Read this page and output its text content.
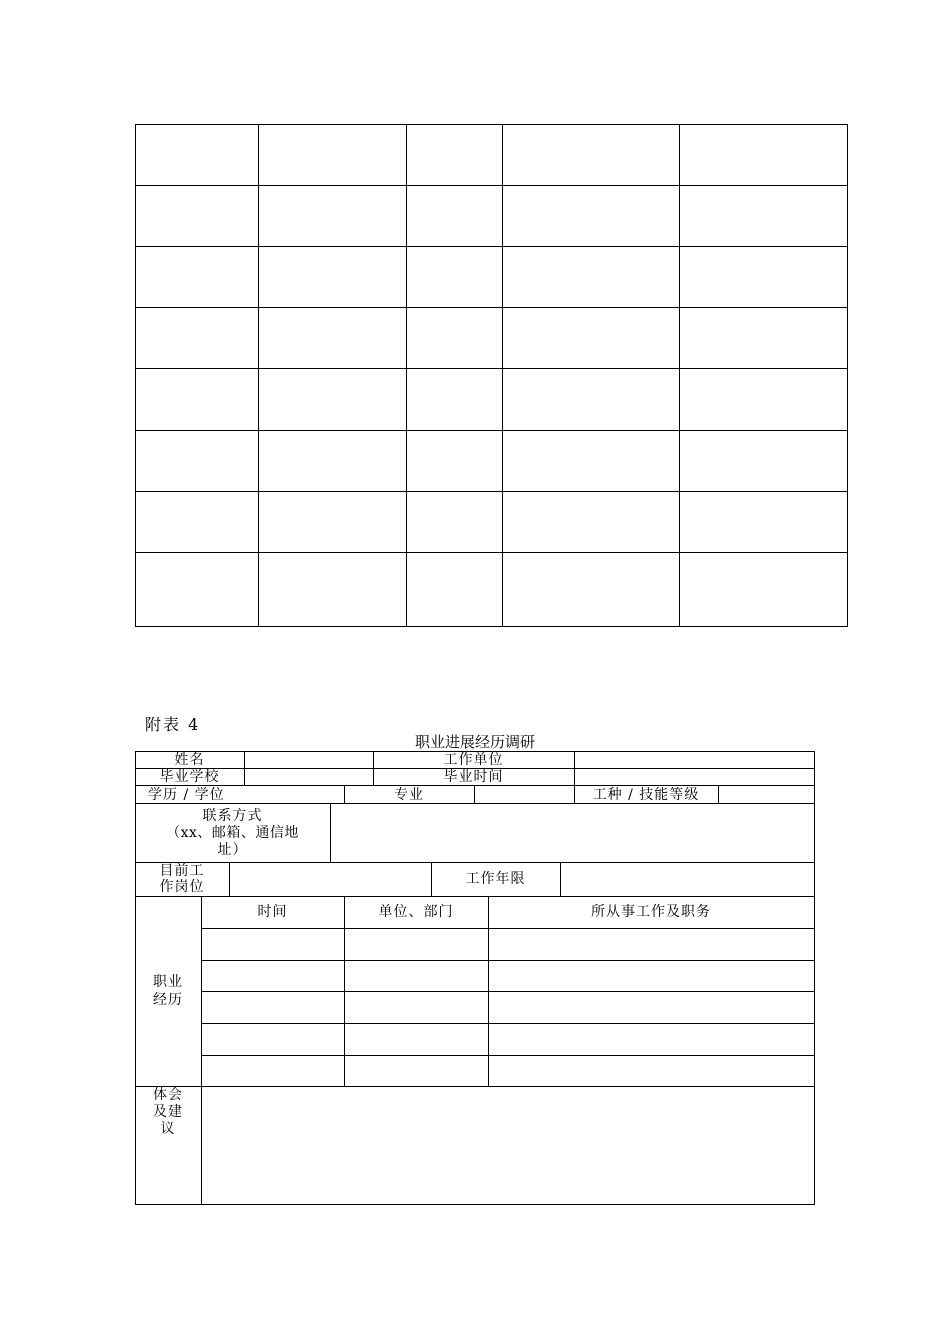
附表 4
职业进展经历调研
姓名	工作单位
毕业学校	毕业时间
学历 / 学位	专业	工种 / 技能等级
联系方式
（xx、邮箱、通信地
址）
目前工
作岗位	工作年限
时间	单位、部门	所从事工作及职务
职业
经历
体会
及建
议
